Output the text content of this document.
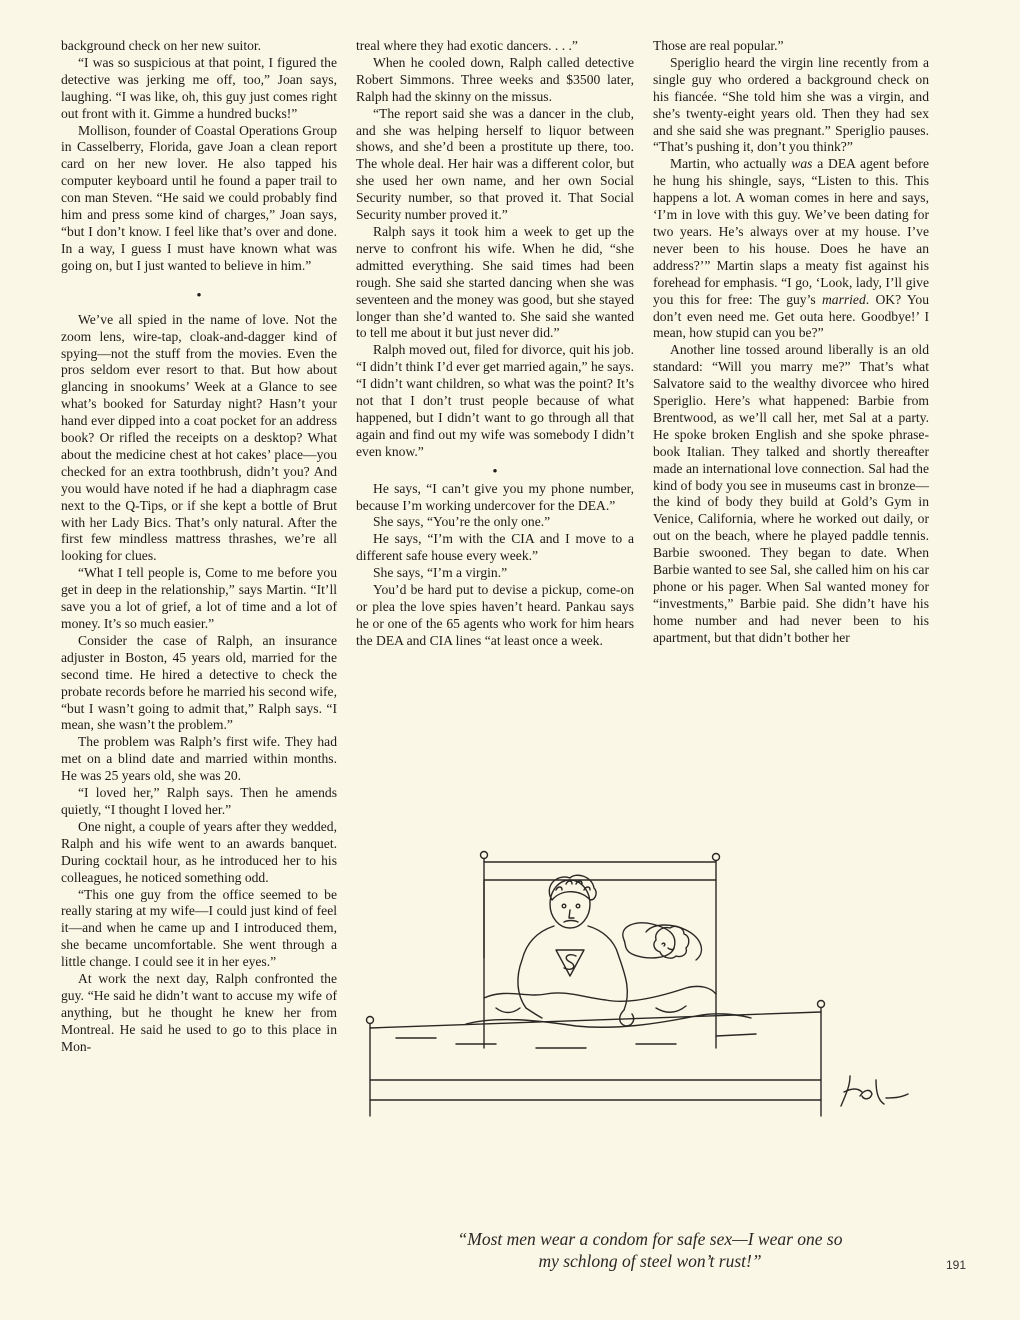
background check on her new suitor.

“I was so suspicious at that point, I figured the detective was jerking me off, too,” Joan says, laughing. “I was like, oh, this guy just comes right out front with it. Gimme a hundred bucks!”

Mollison, founder of Coastal Operations Group in Casselberry, Florida, gave Joan a clean report card on her new lover. He also tapped his computer keyboard until he found a paper trail to con man Steven. “He said we could probably find him and press some kind of charges,” Joan says, “but I don’t know. I feel like that’s over and done. In a way, I guess I must have known what was going on, but I just wanted to believe in him.”

•

We’ve all spied in the name of love. Not the zoom lens, wire-tap, cloak-and-dagger kind of spying—not the stuff from the movies. Even the pros seldom ever resort to that. But how about glancing in snookums’ Week at a Glance to see what’s booked for Saturday night? Hasn’t your hand ever dipped into a coat pocket for an address book? Or rifled the receipts on a desktop? What about the medicine chest at hot cakes’ place—you checked for an extra toothbrush, didn’t you? And you would have noted if he had a diaphragm case next to the Q-Tips, or if she kept a bottle of Brut with her Lady Bics. That’s only natural. After the first few mindless mattress thrashes, we’re all looking for clues.

“What I tell people is, Come to me before you get in deep in the relationship,” says Martin. “It’ll save you a lot of grief, a lot of time and a lot of money. It’s so much easier.”

Consider the case of Ralph, an insurance adjuster in Boston, 45 years old, married for the second time. He hired a detective to check the probate records before he married his second wife, “but I wasn’t going to admit that,” Ralph says. “I mean, she wasn’t the problem.”

The problem was Ralph’s first wife. They had met on a blind date and married within months. He was 25 years old, she was 20.

“I loved her,” Ralph says. Then he amends quietly, “I thought I loved her.”

One night, a couple of years after they wedded, Ralph and his wife went to an awards banquet. During cocktail hour, as he introduced her to his colleagues, he noticed something odd.

“This one guy from the office seemed to be really staring at my wife—I could just kind of feel it—and when he came up and I introduced them, she became uncomfortable. She went through a little change. I could see it in her eyes.”

At work the next day, Ralph confronted the guy. “He said he didn’t want to accuse my wife of anything, but he thought he knew her from Montreal. He said he used to go to this place in Mon-

treal where they had exotic dancers. . . .”

When he cooled down, Ralph called detective Robert Simmons. Three weeks and $3500 later, Ralph had the skinny on the missus.

“The report said she was a dancer in the club, and she was helping herself to liquor between shows, and she’d been a prostitute up there, too. The whole deal. Her hair was a different color, but she used her own name, and her own Social Security number, so that proved it. That Social Security number proved it.”

Ralph says it took him a week to get up the nerve to confront his wife. When he did, “she admitted everything. She said times had been rough. She said she started dancing when she was seventeen and the money was good, but she stayed longer than she’d wanted to. She said she wanted to tell me about it but just never did.”

Ralph moved out, filed for divorce, quit his job. “I didn’t think I’d ever get married again,” he says. “I didn’t want children, so what was the point? It’s not that I don’t trust people because of what happened, but I didn’t want to go through all that again and find out my wife was somebody I didn’t even know.”

•

He says, “I can’t give you my phone number, because I’m working undercover for the DEA.”

She says, “You’re the only one.”

He says, “I’m with the CIA and I move to a different safe house every week.”

She says, “I’m a virgin.”

You’d be hard put to devise a pickup, come-on or plea the love spies haven’t heard. Pankau says he or one of the 65 agents who work for him hears the DEA and CIA lines “at least once a week.

Those are real popular.”

Speriglio heard the virgin line recently from a single guy who ordered a background check on his fiancée. “She told him she was a virgin, and she’s twenty-eight years old. Then they had sex and she said she was pregnant.” Speriglio pauses. “That’s pushing it, don’t you think?”

Martin, who actually was a DEA agent before he hung his shingle, says, “Listen to this. This happens a lot. A woman comes in here and says, ‘I’m in love with this guy. We’ve been dating for two years. He’s always over at my house. I’ve never been to his house. Does he have an address?’” Martin slaps a meaty fist against his forehead for emphasis. “I go, ‘Look, lady, I’ll give you this for free: The guy’s married. OK? You don’t even need me. Get outa here. Goodbye!’ I mean, how stupid can you be?”

Another line tossed around liberally is an old standard: “Will you marry me?” That’s what Salvatore said to the wealthy divorcee who hired Speriglio. Here’s what happened: Barbie from Brentwood, as we’ll call her, met Sal at a party. He spoke broken English and she spoke phrase-book Italian. They talked and shortly thereafter made an international love connection. Sal had the kind of body you see in museums cast in bronze—the kind of body they build at Gold’s Gym in Venice, California, where he worked out daily, or out on the beach, where he played paddle tennis. Barbie swooned. They began to date. When Barbie wanted to see Sal, she called him on his car phone or his pager. When Sal wanted money for “investments,” Barbie paid. She didn’t have his home number and had never been to his apartment, but that didn’t bother her

Hal
“Most men wear a condom for safe sex—I wear one so
my schlong of steel won’t rust!”	191
